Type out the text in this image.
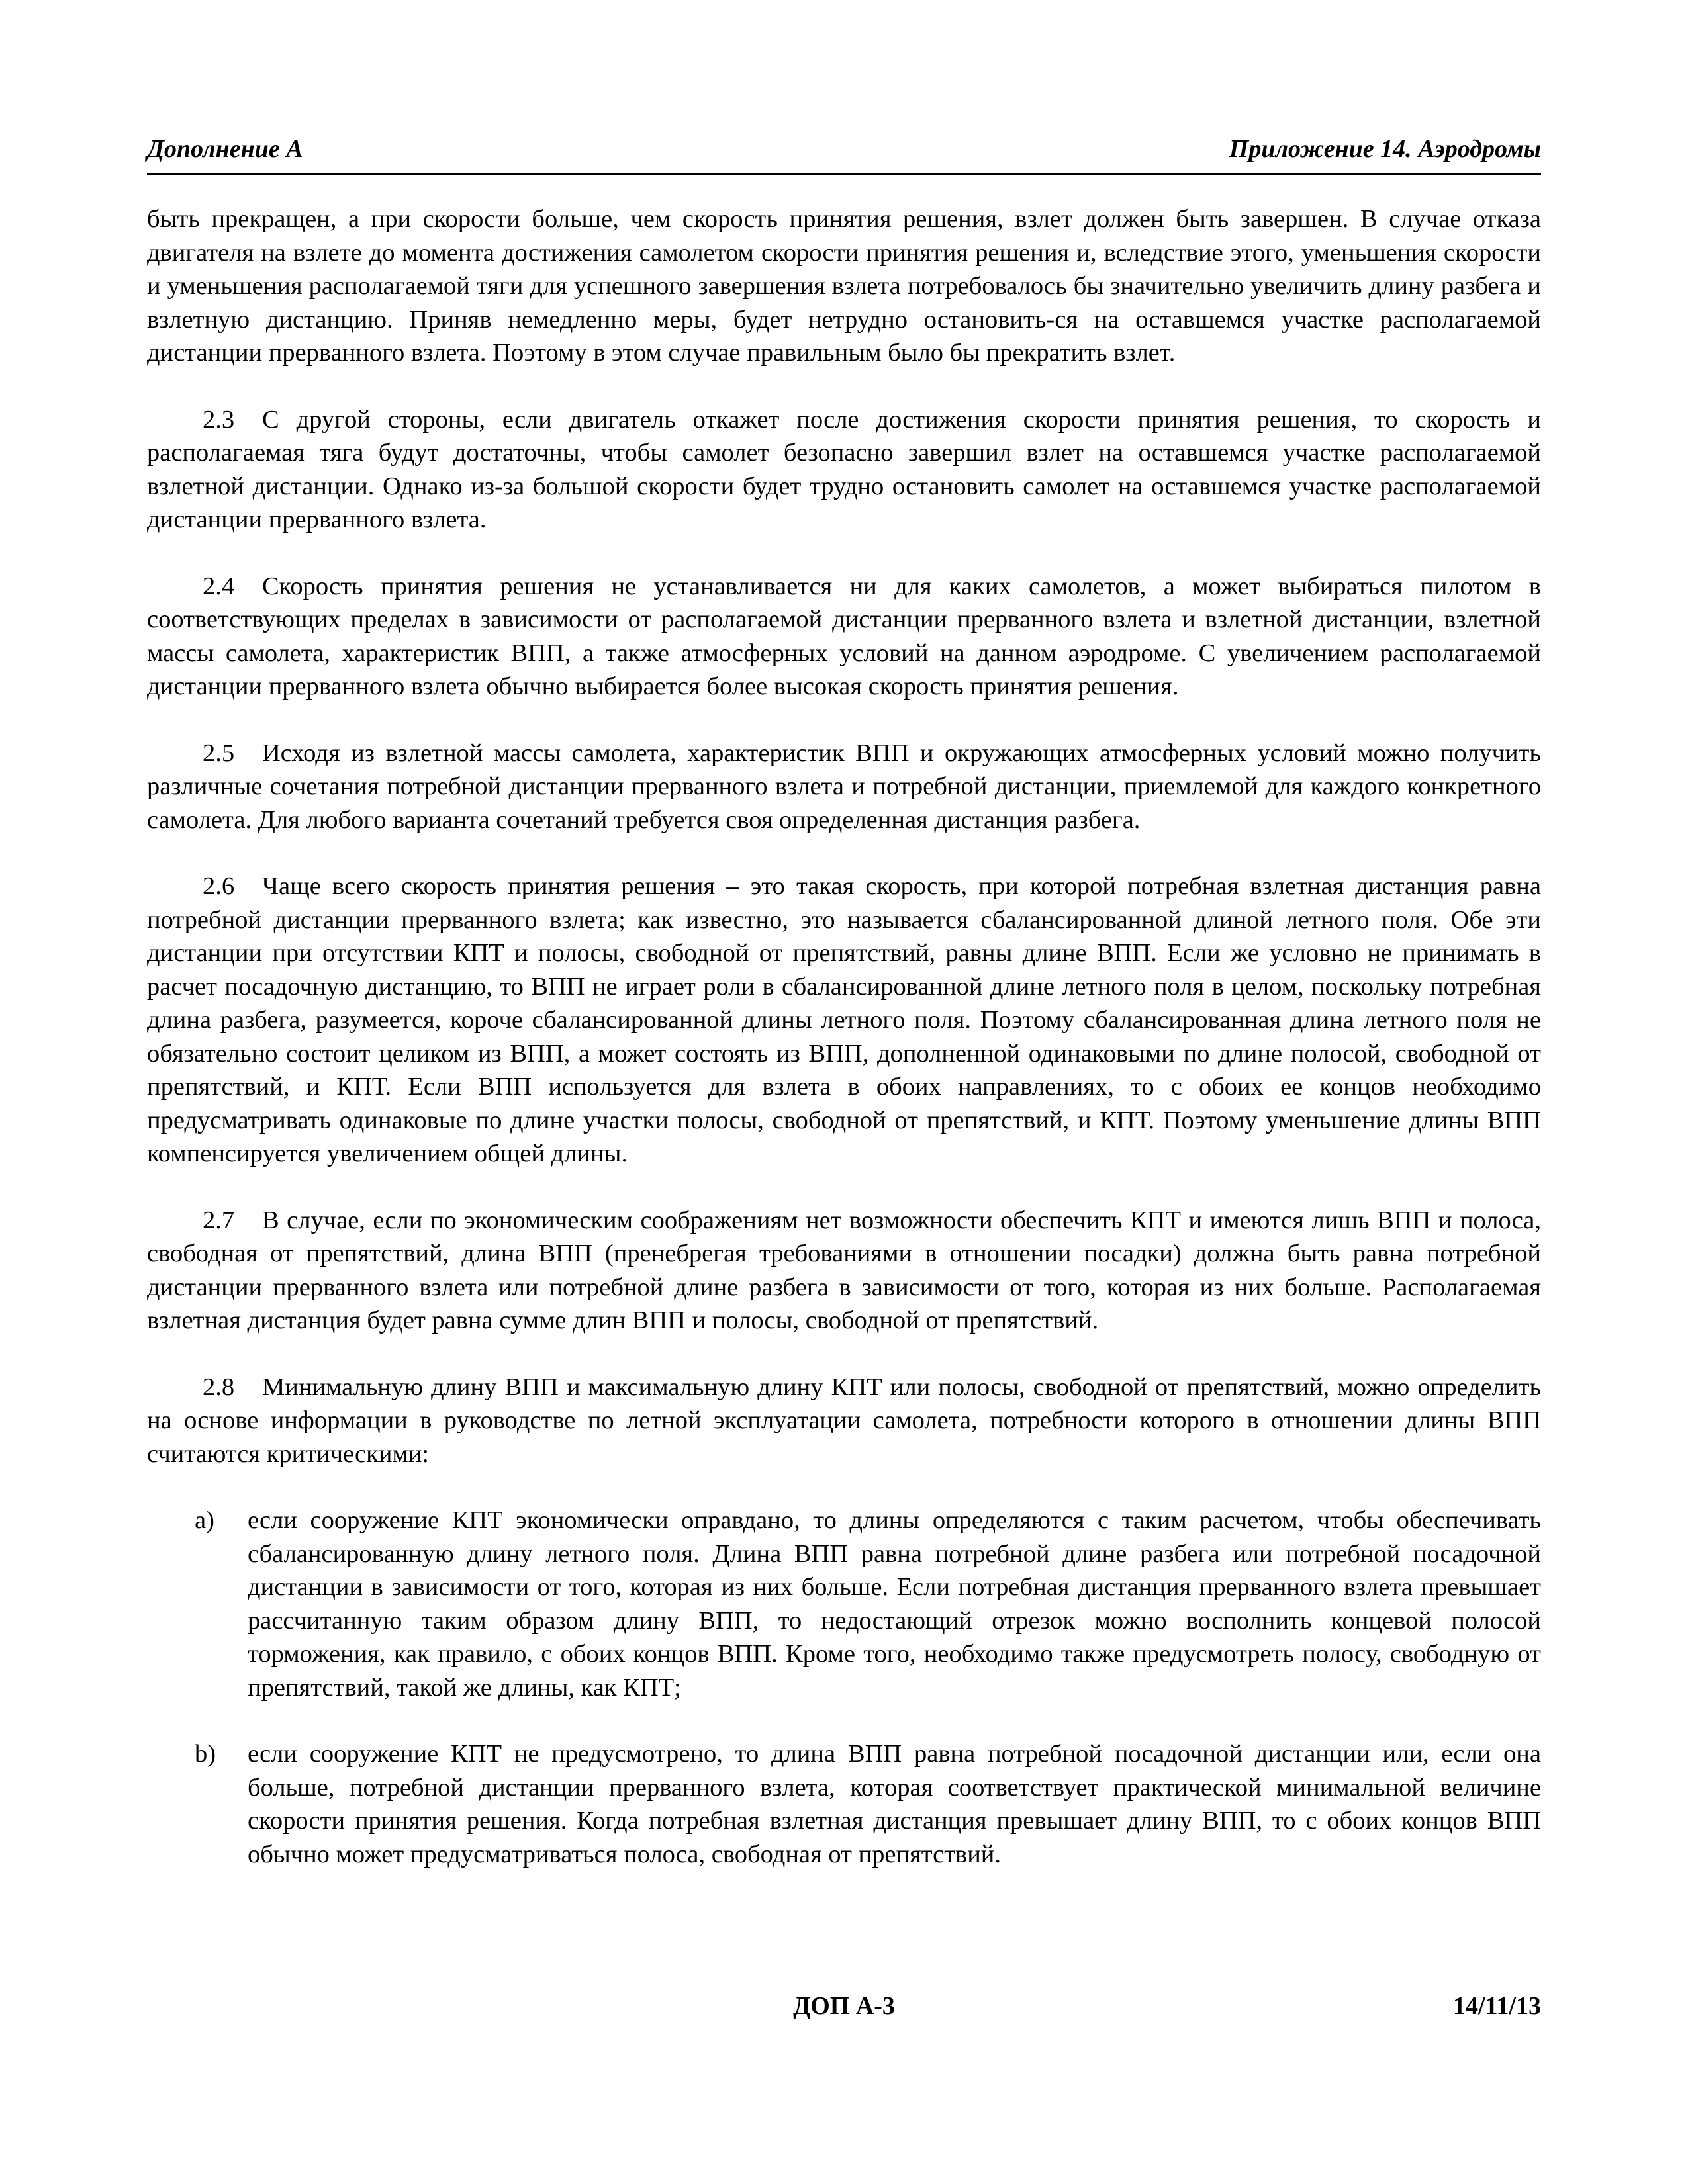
Дополнение А	Приложение 14. Аэродромы

быть прекращен, а при скорости больше, чем скорость принятия решения, взлет должен быть завершен. В случае отказа двигателя на взлете до момента достижения самолетом скорости принятия решения и, вследствие этого, уменьшения скорости и уменьшения располагаемой тяги для успешного завершения взлета потребовалось бы значительно увеличить длину разбега и взлетную дистанцию. Приняв немедленно меры, будет нетрудно остановить-ся на оставшемся участке располагаемой дистанции прерванного взлета. Поэтому в этом случае правильным было бы прекратить взлет.

2.3 С другой стороны, если двигатель откажет после достижения скорости принятия решения, то скорость и располагаемая тяга будут достаточны, чтобы самолет безопасно завершил взлет на оставшемся участке располагаемой взлетной дистанции. Однако из-за большой скорости будет трудно остановить самолет на оставшемся участке располагаемой дистанции прерванного взлета.

2.4 Скорость принятия решения не устанавливается ни для каких самолетов, а может выбираться пилотом в соответствующих пределах в зависимости от располагаемой дистанции прерванного взлета и взлетной дистанции, взлетной массы самолета, характеристик ВПП, а также атмосферных условий на данном аэродроме. С увеличением располагаемой дистанции прерванного взлета обычно выбирается более высокая скорость принятия решения.

2.5 Исходя из взлетной массы самолета, характеристик ВПП и окружающих атмосферных условий можно получить различные сочетания потребной дистанции прерванного взлета и потребной дистанции, приемлемой для каждого конкретного самолета. Для любого варианта сочетаний требуется своя определенная дистанция разбега.

2.6 Чаще всего скорость принятия решения – это такая скорость, при которой потребная взлетная дистанция равна потребной дистанции прерванного взлета; как известно, это называется сбалансированной длиной летного поля. Обе эти дистанции при отсутствии КПТ и полосы, свободной от препятствий, равны длине ВПП. Если же условно не принимать в расчет посадочную дистанцию, то ВПП не играет роли в сбалансированной длине летного поля в целом, поскольку потребная длина разбега, разумеется, короче сбалансированной длины летного поля. Поэтому сбалансированная длина летного поля не обязательно состоит целиком из ВПП, а может состоять из ВПП, дополненной одинаковыми по длине полосой, свободной от препятствий, и КПТ. Если ВПП используется для взлета в обоих направлениях, то с обоих ее концов необходимо предусматривать одинаковые по длине участки полосы, свободной от препятствий, и КПТ. Поэтому уменьшение длины ВПП компенсируется увеличением общей длины.

2.7 В случае, если по экономическим соображениям нет возможности обеспечить КПТ и имеются лишь ВПП и полоса, свободная от препятствий, длина ВПП (пренебрегая требованиями в отношении посадки) должна быть равна потребной дистанции прерванного взлета или потребной длине разбега в зависимости от того, которая из них больше. Располагаемая взлетная дистанция будет равна сумме длин ВПП и полосы, свободной от препятствий.

2.8 Минимальную длину ВПП и максимальную длину КПТ или полосы, свободной от препятствий, можно определить на основе информации в руководстве по летной эксплуатации самолета, потребности которого в отношении длины ВПП считаются критическими:

a) если сооружение КПТ экономически оправдано, то длины определяются с таким расчетом, чтобы обеспечивать сбалансированную длину летного поля. Длина ВПП равна потребной длине разбега или потребной посадочной дистанции в зависимости от того, которая из них больше. Если потребная дистанция прерванного взлета превышает рассчитанную таким образом длину ВПП, то недостающий отрезок можно восполнить концевой полосой торможения, как правило, с обоих концов ВПП. Кроме того, необходимо также предусмотреть полосу, свободную от препятствий, такой же длины, как КПТ;
b) если сооружение КПТ не предусмотрено, то длина ВПП равна потребной посадочной дистанции или, если она больше, потребной дистанции прерванного взлета, которая соответствует практической минимальной величине скорости принятия решения. Когда потребная взлетная дистанция превышает длину ВПП, то с обоих концов ВПП обычно может предусматриваться полоса, свободная от препятствий.
ДОП А-3	14/11/13
